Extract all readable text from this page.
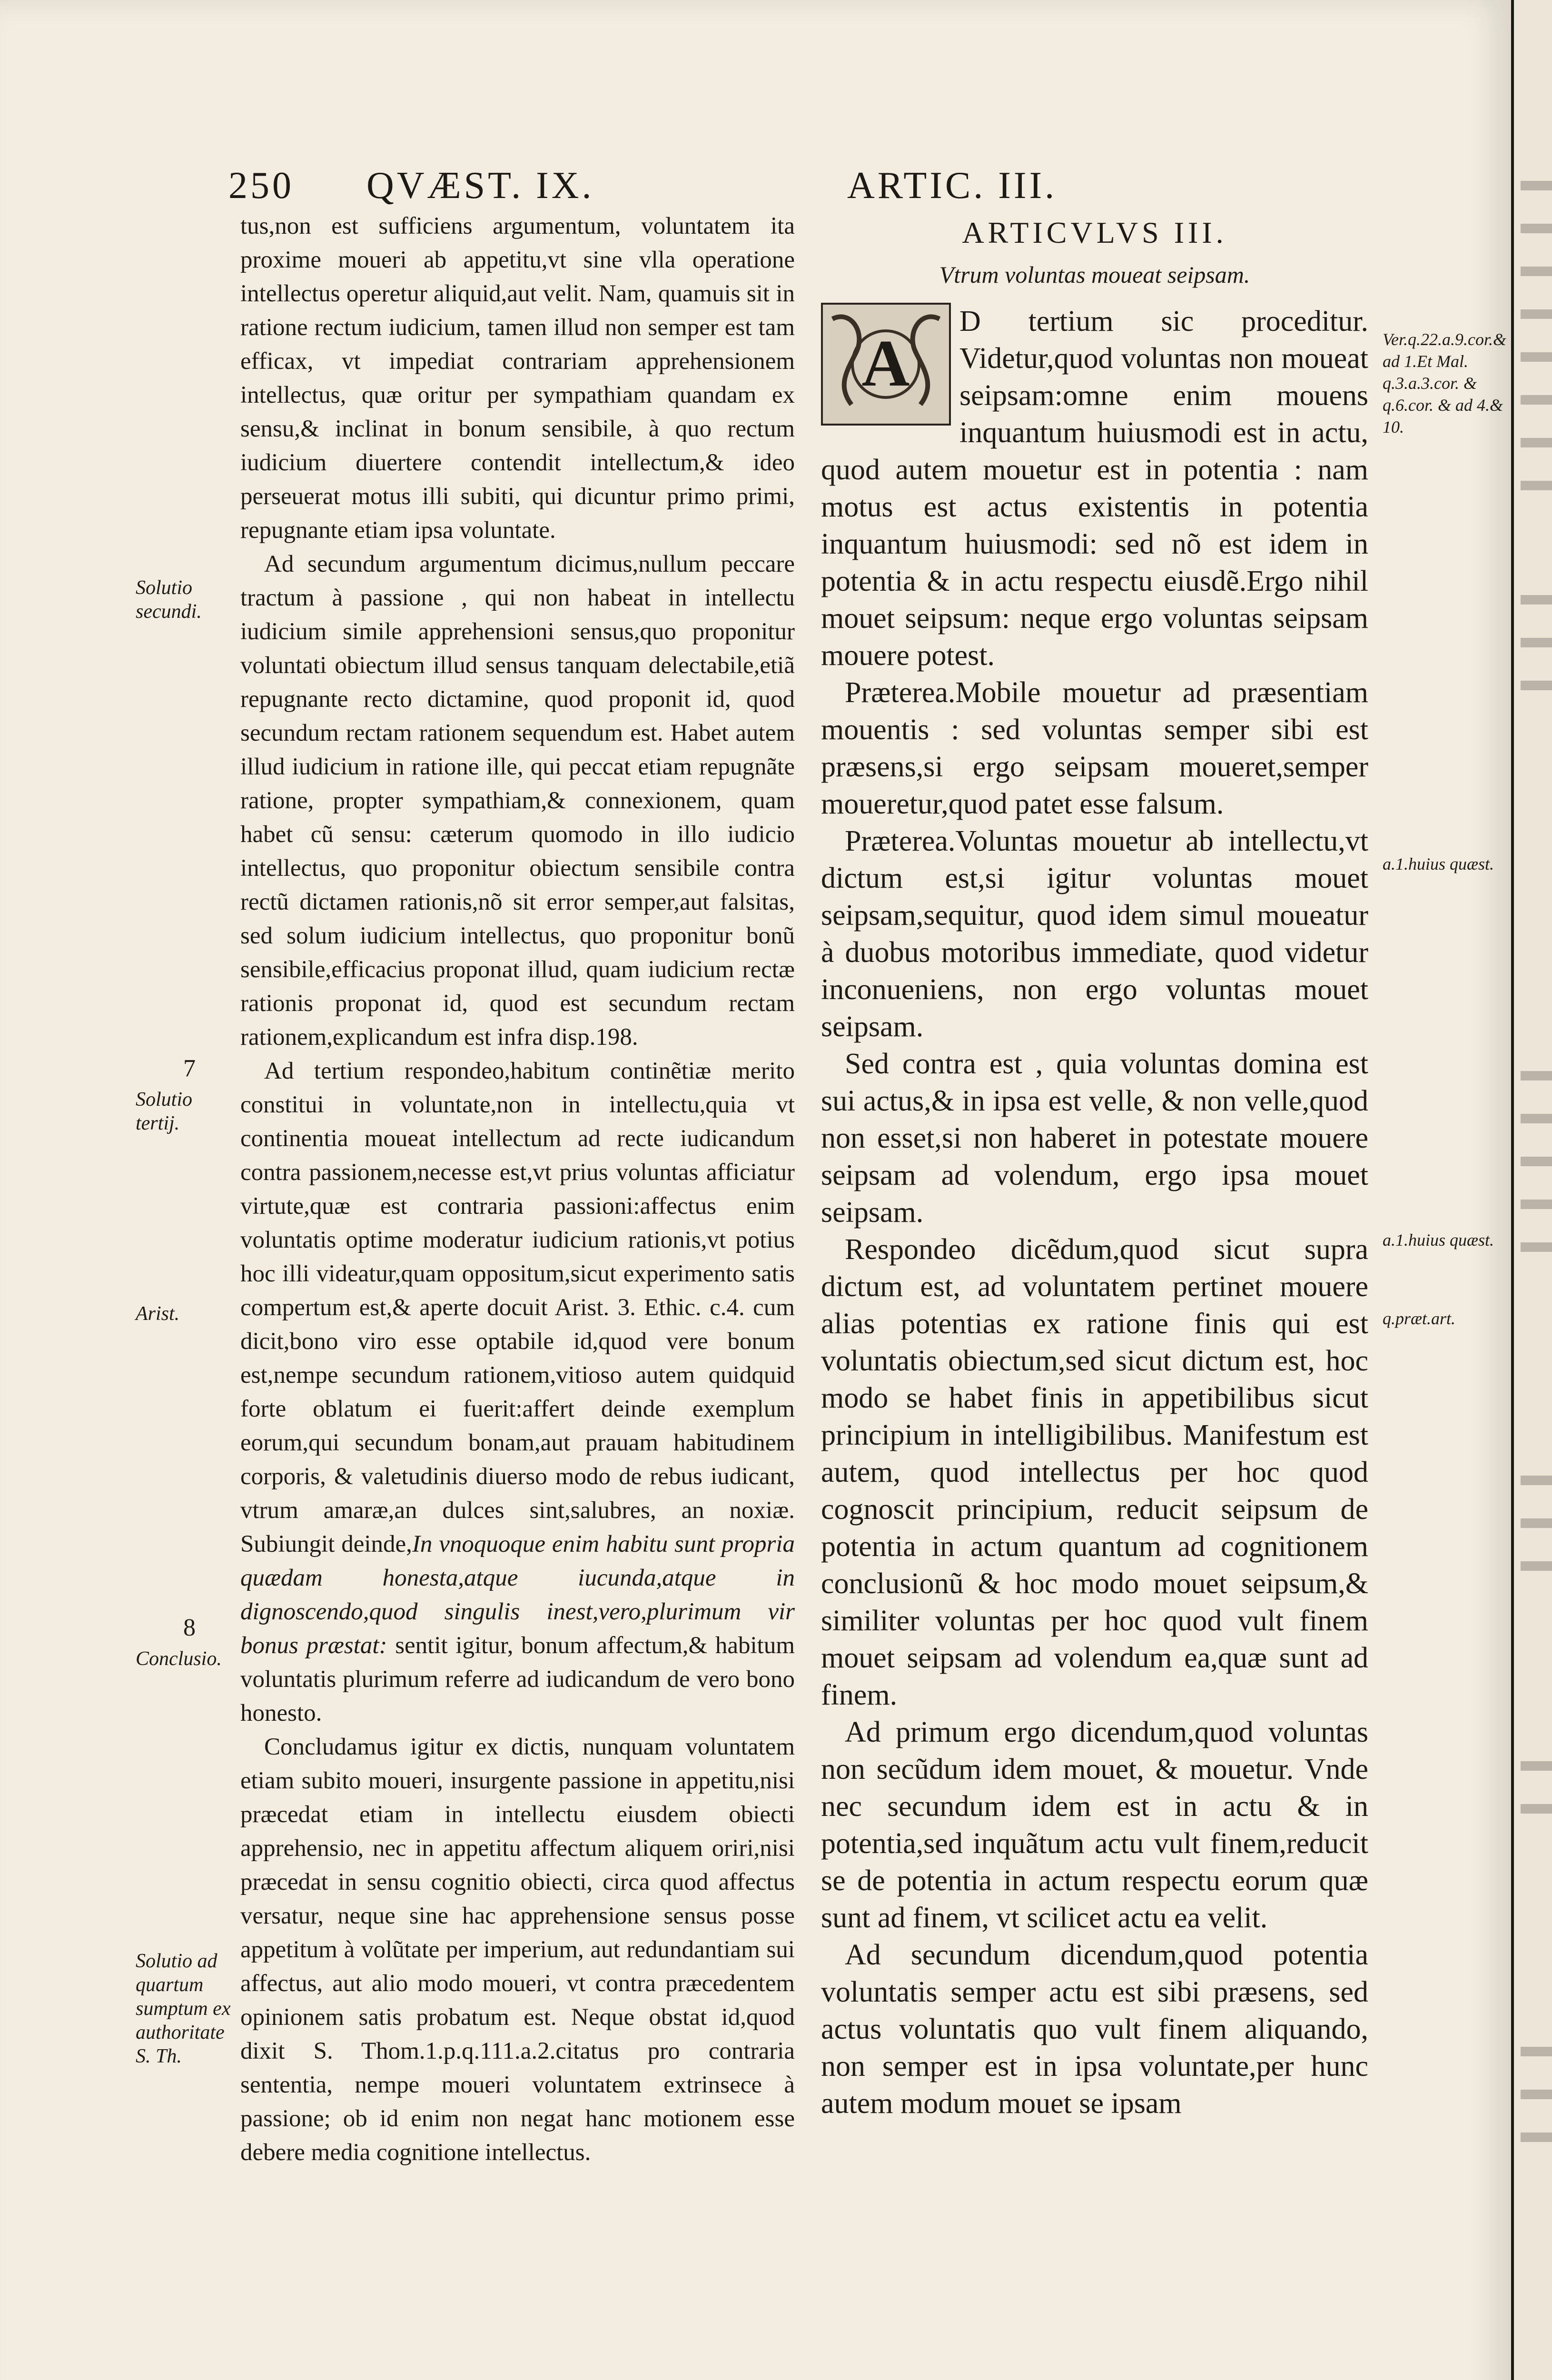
250 QVÆST. IX.	ARTIC. III.
Solutio secundi.
7
Solutio tertij.
Arist.
8
Conclusio.
Solutio ad quartum sumptum ex authoritate S. Th.

tus,non est sufficiens argumentum, voluntatem ita proxime moueri ab appetitu,vt sine vlla operatione intellectus operetur aliquid,aut velit. Nam, quamuis sit in ratione rectum iudicium, tamen illud non semper est tam efficax, vt impediat contrariam apprehensionem intellectus, quæ oritur per sympathiam quandam ex sensu,& inclinat in bonum sensibile, à quo rectum iudicium diuertere contendit intellectum,& ideo perseuerat motus illi subiti, qui dicuntur primo primi, repugnante etiam ipsa voluntate.

Ad secundum argumentum dicimus,nullum peccare tractum à passione , qui non habeat in intellectu iudicium simile apprehensioni sensus,quo proponitur voluntati obiectum illud sensus tanquam delectabile,etiã repugnante recto dictamine, quod proponit id, quod secundum rectam rationem sequendum est. Habet autem illud iudicium in ratione ille, qui peccat etiam repugnãte ratione, propter sympathiam,& connexionem, quam habet cũ sensu: cæterum quomodo in illo iudicio intellectus, quo proponitur obiectum sensibile contra rectũ dictamen rationis,nõ sit error semper,aut falsitas, sed solum iudicium intellectus, quo proponitur bonũ sensibile,efficacius proponat illud, quam iudicium rectæ rationis proponat id, quod est secundum rectam rationem,explicandum est infra disp.198.

Ad tertium respondeo,habitum continẽtiæ merito constitui in voluntate,non in intellectu,quia vt continentia moueat intellectum ad recte iudicandum contra passionem,necesse est,vt prius voluntas afficiatur virtute,quæ est contraria passioni:affectus enim voluntatis optime moderatur iudicium rationis,vt potius hoc illi videatur,quam oppositum,sicut experimento satis compertum est,& aperte docuit Arist. 3. Ethic. c.4. cum dicit,bono viro esse optabile id,quod vere bonum est,nempe secundum rationem,vitioso autem quidquid forte oblatum ei fuerit:affert deinde exemplum eorum,qui secundum bonam,aut prauam habitudinem corporis, & valetudinis diuerso modo de rebus iudicant, vtrum amaræ,an dulces sint,salubres, an noxiæ. Subiungit deinde,In vnoquoque enim habitu sunt propria quædam honesta,atque iucunda,atque in dignoscendo,quod singulis inest,vero,plurimum vir bonus præstat: sentit igitur, bonum affectum,& habitum voluntatis plurimum referre ad iudicandum de vero bono honesto.

Concludamus igitur ex dictis, nunquam voluntatem etiam subito moueri, insurgente passione in appetitu,nisi præcedat etiam in intellectu eiusdem obiecti apprehensio, nec in appetitu affectum aliquem oriri,nisi præcedat in sensu cognitio obiecti, circa quod affectus versatur, neque sine hac apprehensione sensus posse appetitum à volũtate per imperium, aut redundantiam sui affectus, aut alio modo moueri, vt contra præcedentem opinionem satis probatum est. Neque obstat id,quod dixit S. Thom.1.p.q.111.a.2.citatus pro contraria sententia, nempe moueri voluntatem extrinsece à passione; ob id enim non negat hanc motionem esse debere media cognitione intellectus.

Ver.q.22.a.9.cor.& ad 1.Et Mal. q.3.a.3.cor. & q.6.cor. & ad 4.& 10.
a.1.huius quæst.
a.1.huius quæst.
q.præt.art.
ARTICVLVS III.
Vtrum voluntas moueat seipsam.
A

D tertium sic proceditur. Videtur,quod voluntas non moueat seipsam:omne enim mouens inquantum huiusmodi est in actu, quod autem mouetur est in potentia : nam motus est actus existentis in potentia inquantum huiusmodi: sed nõ est idem in potentia & in actu respectu eiusdẽ.Ergo nihil mouet seipsum: neque ergo voluntas seipsam mouere potest.

Præterea.Mobile mouetur ad præsentiam mouentis : sed voluntas semper sibi est præsens,si ergo seipsam moueret,semper moueretur,quod patet esse falsum.

Præterea.Voluntas mouetur ab intellectu,vt dictum est,si igitur voluntas mouet seipsam,sequitur, quod idem simul moueatur à duobus motoribus immediate, quod videtur inconueniens, non ergo voluntas mouet seipsam.

Sed contra est , quia voluntas domina est sui actus,& in ipsa est velle, & non velle,quod non esset,si non haberet in potestate mouere seipsam ad volendum, ergo ipsa mouet seipsam.

Respondeo dicẽdum,quod sicut supra dictum est, ad voluntatem pertinet mouere alias potentias ex ratione finis qui est voluntatis obiectum,sed sicut dictum est, hoc modo se habet finis in appetibilibus sicut principium in intelligibilibus. Manifestum est autem, quod intellectus per hoc quod cognoscit principium, reducit seipsum de potentia in actum quantum ad cognitionem conclusionũ & hoc modo mouet seipsum,& similiter voluntas per hoc quod vult finem mouet seipsam ad volendum ea,quæ sunt ad finem.

Ad primum ergo dicendum,quod voluntas non secũdum idem mouet, & mouetur. Vnde nec secundum idem est in actu & in potentia,sed inquãtum actu vult finem,reducit se de potentia in actum respectu eorum quæ sunt ad finem, vt scilicet actu ea velit.

Ad secundum dicendum,quod potentia voluntatis semper actu est sibi præsens, sed actus voluntatis quo vult finem aliquando, non semper est in ipsa voluntate,per hunc autem modum mouet se ipsam
